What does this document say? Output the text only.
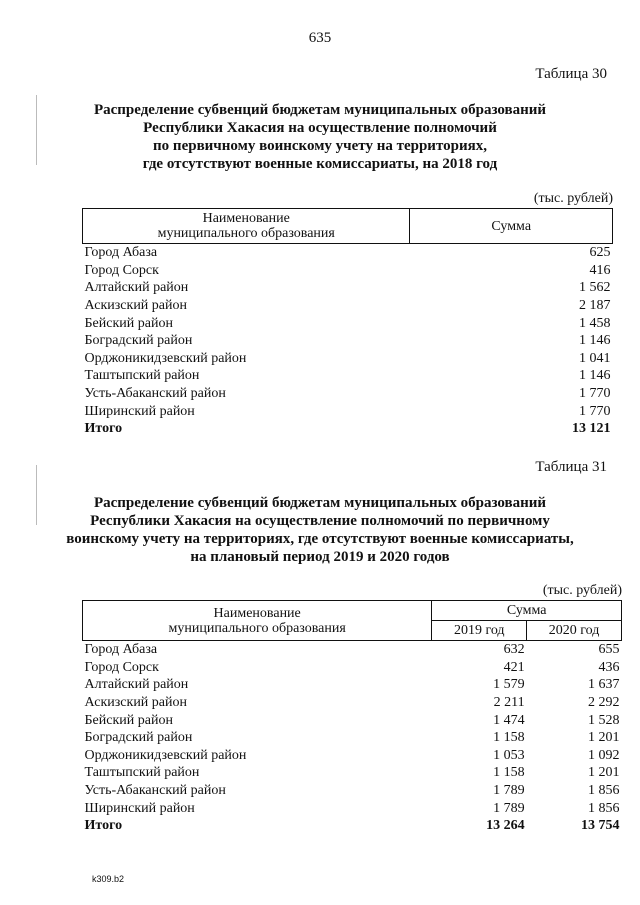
635
Таблица 30
Распределение субвенций бюджетам муниципальных образований
Республики Хакасия на осуществление полномочий
по первичному воинскому учету на территориях,
где отсутствуют военные комиссариаты, на 2018 год
(тыс. рублей)
Наименование
муниципального образования	Сумма
Город Абаза	625
Город Сорск	416
Алтайский район	1 562
Аскизский район	2 187
Бейский район	1 458
Боградский район	1 146
Орджоникидзевский район	1 041
Таштыпский район	1 146
Усть-Абаканский район	1 770
Ширинский район	1 770
Итого	13 121
Таблица 31
Распределение субвенций бюджетам муниципальных образований
Республики Хакасия на осуществление полномочий по первичному
воинскому учету на территориях, где отсутствуют военные комиссариаты,
на плановый период 2019 и 2020 годов
(тыс. рублей)
Наименование
муниципального образования	Сумма	
	2019 год	2020 год
Город Абаза	632	655
Город Сорск	421	436
Алтайский район	1 579	1 637
Аскизский район	2 211	2 292
Бейский район	1 474	1 528
Боградский район	1 158	1 201
Орджоникидзевский район	1 053	1 092
Таштыпский район	1 158	1 201
Усть-Абаканский район	1 789	1 856
Ширинский район	1 789	1 856
Итого	13 264	13 754
k309.b2
